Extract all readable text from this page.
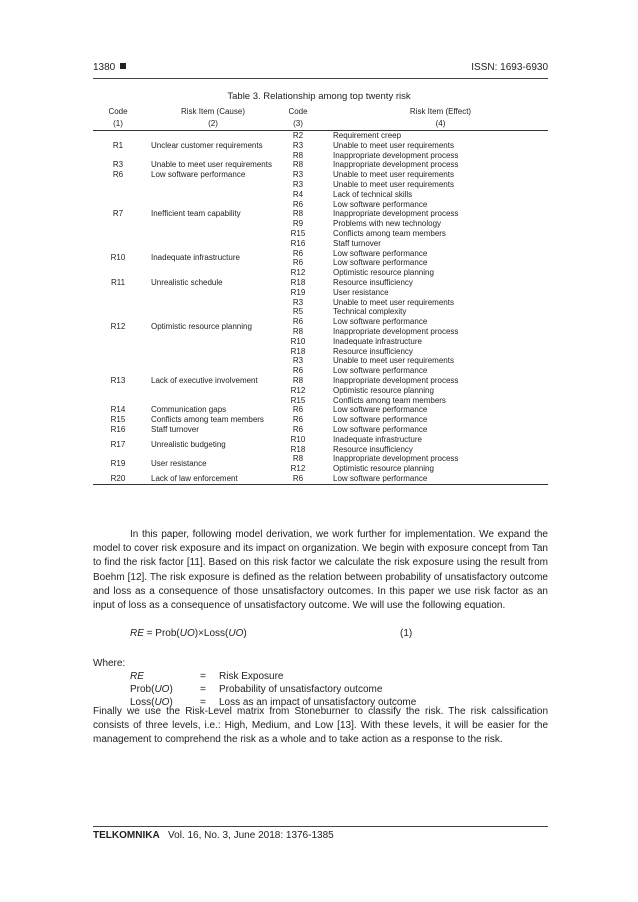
1380	ISSN: 1693-6930
Table 3. Relationship among top twenty risk
Code	Risk Item (Cause)	Code	Risk Item (Effect)
(1)	(2)	(3)	(4)
R1	Unclear customer requirements	R2	Requirement creep
		R3	Unable to meet user requirements
		R8	Inappropriate development process
R3	Unable to meet user requirements	R8	Inappropriate development process
R6	Low software performance	R3	Unable to meet user requirements
R7	Inefficient team capability	R3	Unable to meet user requirements
		R4	Lack of technical skills
		R6	Low software performance
		R8	Inappropriate development process
		R9	Problems with new technology
		R15	Conflicts among team members
		R16	Staff turnover
R10	Inadequate infrastructure	R6	Low software performance
		R6	Low software performance
R11	Unrealistic schedule	R12	Optimistic resource planning
		R18	Resource insufficiency
		R19	User resistance
R12	Optimistic resource planning	R3	Unable to meet user requirements
		R5	Technical complexity
		R6	Low software performance
		R8	Inappropriate development process
		R10	Inadequate infrastructure
		R18	Resource insufficiency
R13	Lack of executive involvement	R3	Unable to meet user requirements
		R6	Low software performance
		R8	Inappropriate development process
		R12	Optimistic resource planning
		R15	Conflicts among team members
R14	Communication gaps	R6	Low software performance
R15	Conflicts among team members	R6	Low software performance
R16	Staff turnover	R6	Low software performance
R17	Unrealistic budgeting	R10	Inadequate infrastructure
		R18	Resource insufficiency
R19	User resistance	R8	Inappropriate development process
		R12	Optimistic resource planning
R20	Lack of law enforcement	R6	Low software performance

In this paper, following model derivation, we work further for implementation. We expand the model to cover risk exposure and its impact on organization. We begin with exposure concept from Tan to find the risk factor [11]. Based on this risk factor we calculate the risk exposure using the result from Boehm [12]. The risk exposure is defined as the relation between probability of unsatisfactory outcome and loss as a consequence of those unsatisfactory outcomes. In this paper we use risk factor as an input of loss as a consequence of unsatisfactory outcome. We will use the following equation.

RE = Prob(UO)×Loss(UO)	(1)
Where:
RE	= Risk Exposure
Prob(UO)	= Probability of unsatisfactory outcome
Loss(UO)	= Loss as an impact of unsatisfactory outcome

Finally we use the Risk-Level matrix from Stoneburner to classify the risk. The risk calssification consists of three levels, i.e.: High, Medium, and Low [13]. With these levels, it will be easier for the management to comprehend the risk as a whole and to take action as a response to the risk.

TELKOMNIKA Vol. 16, No. 3, June 2018: 1376-1385
